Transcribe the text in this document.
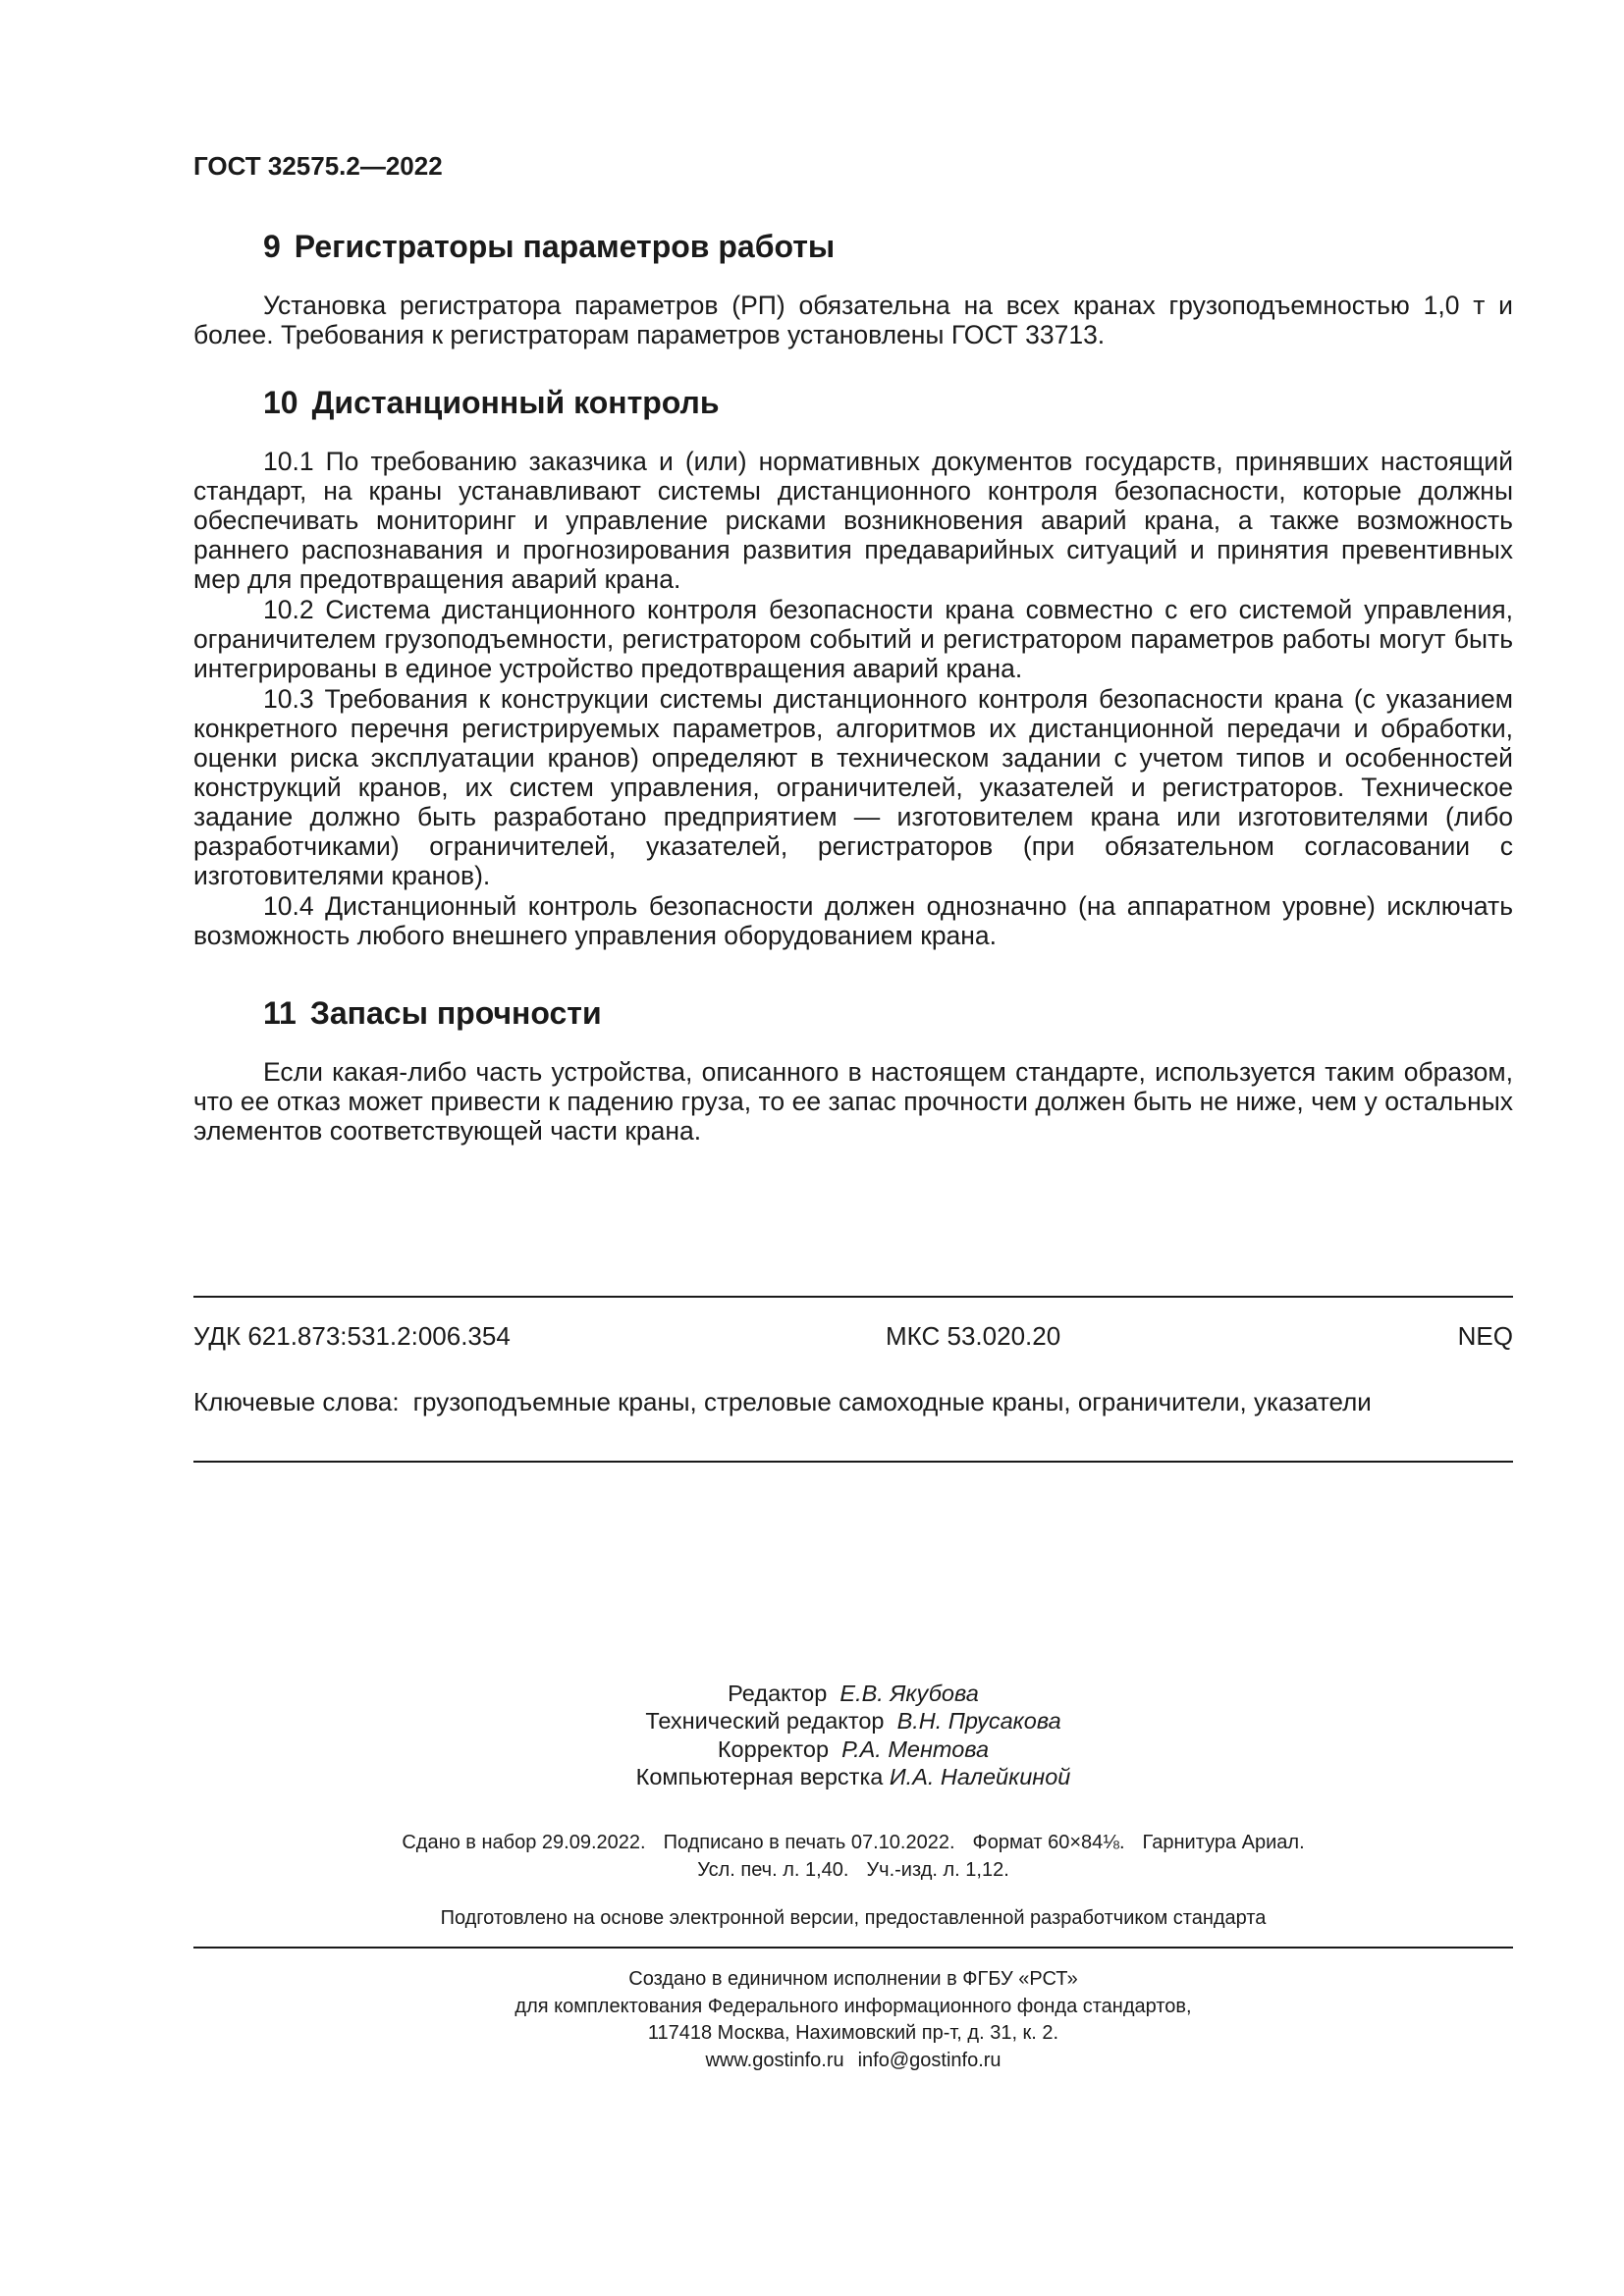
ГОСТ 32575.2—2022
9 Регистраторы параметров работы

Установка регистратора параметров (РП) обязательна на всех кранах грузоподъемностью 1,0 т и более. Требования к регистраторам параметров установлены ГОСТ 33713.

10 Дистанционный контроль

10.1 По требованию заказчика и (или) нормативных документов государств, принявших настоящий стандарт, на краны устанавливают системы дистанционного контроля безопасности, которые должны обеспечивать мониторинг и управление рисками возникновения аварий крана, а также возможность раннего распознавания и прогнозирования развития предаварийных ситуаций и принятия превентивных мер для предотвращения аварий крана.

10.2 Система дистанционного контроля безопасности крана совместно с его системой управления, ограничителем грузоподъемности, регистратором событий и регистратором параметров работы могут быть интегрированы в единое устройство предотвращения аварий крана.

10.3 Требования к конструкции системы дистанционного контроля безопасности крана (с указанием конкретного перечня регистрируемых параметров, алгоритмов их дистанционной передачи и обработки, оценки риска эксплуатации кранов) определяют в техническом задании с учетом типов и особенностей конструкций кранов, их систем управления, ограничителей, указателей и регистраторов. Техническое задание должно быть разработано предприятием — изготовителем крана или изготовителями (либо разработчиками) ограничителей, указателей, регистраторов (при обязательном согласовании с изготовителями кранов).

10.4 Дистанционный контроль безопасности должен однозначно (на аппаратном уровне) исключать возможность любого внешнего управления оборудованием крана.

11 Запасы прочности

Если какая-либо часть устройства, описанного в настоящем стандарте, используется таким образом, что ее отказ может привести к падению груза, то ее запас прочности должен быть не ниже, чем у остальных элементов соответствующей части крана.

УДК 621.873:531.2:006.354	МКС 53.020.20	NEQ
Ключевые слова: грузоподъемные краны, стреловые самоходные краны, ограничители, указатели
Редактор Е.В. Якубова
Технический редактор В.Н. Прусакова
Корректор Р.А. Ментова
Компьютерная верстка И.А. Налейкиной
Сдано в набор 29.09.2022. Подписано в печать 07.10.2022. Формат 60×84⅛. Гарнитура Ариал.
Усл. печ. л. 1,40. Уч.-изд. л. 1,12.
Подготовлено на основе электронной версии, предоставленной разработчиком стандарта
Создано в единичном исполнении в ФГБУ «РСТ»
для комплектования Федерального информационного фонда стандартов,
117418 Москва, Нахимовский пр-т, д. 31, к. 2.
www.gostinfo.ru info@gostinfo.ru
